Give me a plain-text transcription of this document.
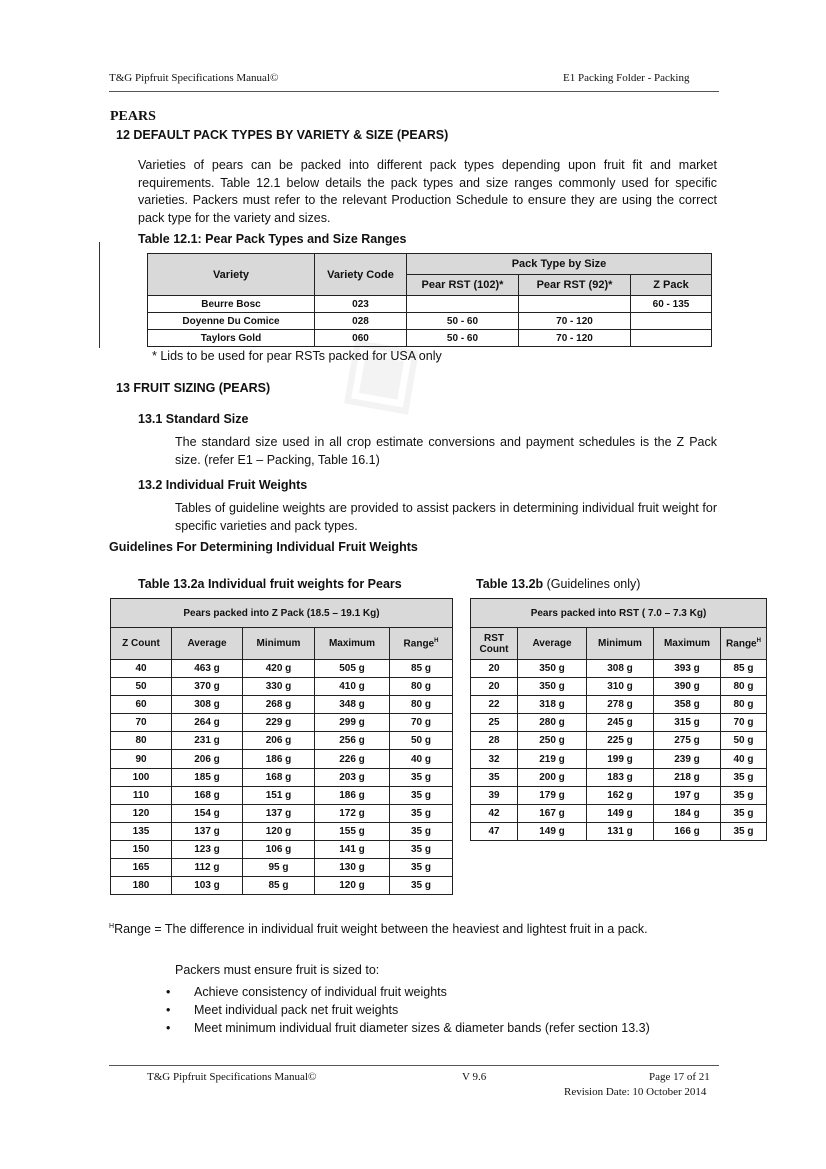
T&G Pipfruit Specifications Manual©	E1 Packing Folder - Packing
PEARS
12 DEFAULT PACK TYPES BY VARIETY & SIZE (PEARS)

Varieties of pears can be packed into different pack types depending upon fruit fit and market requirements. Table 12.1 below details the pack types and size ranges commonly used for specific varieties. Packers must refer to the relevant Production Schedule to ensure they are using the correct pack type for the variety and sizes.

Table 12.1: Pear Pack Types and Size Ranges
Variety	Variety Code	Pack Type by Size		
		Pear RST (102)*	Pear RST (92)*	Z Pack
Beurre Bosc	023			60 - 135
Doyenne Du Comice	028	50 - 60	70 - 120	
Taylors Gold	060	50 - 60	70 - 120	
* Lids to be used for pear RSTs packed for USA only
13 FRUIT SIZING (PEARS)
13.1 Standard Size

The standard size used in all crop estimate conversions and payment schedules is the Z Pack size. (refer E1 – Packing, Table 16.1)

13.2 Individual Fruit Weights

Tables of guideline weights are provided to assist packers in determining individual fruit weight for specific varieties and pack types.

Guidelines For Determining Individual Fruit Weights
Table 13.2a Individual fruit weights for Pears
Pears packed into Z Pack (18.5 – 19.1 Kg)				
Z Count	Average	Minimum	Maximum	Range$^H$
40	463 g	420 g	505 g	85 g
50	370 g	330 g	410 g	80 g
60	308 g	268 g	348 g	80 g
70	264 g	229 g	299 g	70 g
80	231 g	206 g	256 g	50 g
90	206 g	186 g	226 g	40 g
100	185 g	168 g	203 g	35 g
110	168 g	151 g	186 g	35 g
120	154 g	137 g	172 g	35 g
135	137 g	120 g	155 g	35 g
150	123 g	106 g	141 g	35 g
165	112 g	95 g	130 g	35 g
180	103 g	85 g	120 g	35 g
Table 13.2b (Guidelines only)
Pears packed into RST ( 7.0 – 7.3 Kg)				
RST Count	Average	Minimum	Maximum	Range$^H$
20	350 g	308 g	393 g	85 g
20	350 g	310 g	390 g	80 g
22	318 g	278 g	358 g	80 g
25	280 g	245 g	315 g	70 g
28	250 g	225 g	275 g	50 g
32	219 g	199 g	239 g	40 g
35	200 g	183 g	218 g	35 g
39	179 g	162 g	197 g	35 g
42	167 g	149 g	184 g	35 g
47	149 g	131 g	166 g	35 g
$^H$Range = The difference in individual fruit weight between the heaviest and lightest fruit in a pack.
Packers must ensure fruit is sized to:
• Achieve consistency of individual fruit weights
• Meet individual pack net fruit weights
• Meet minimum individual fruit diameter sizes & diameter bands (refer section 13.3)
T&G Pipfruit Specifications Manual©	V 9.6	Page 17 of 21
Revision Date: 10 October 2014
